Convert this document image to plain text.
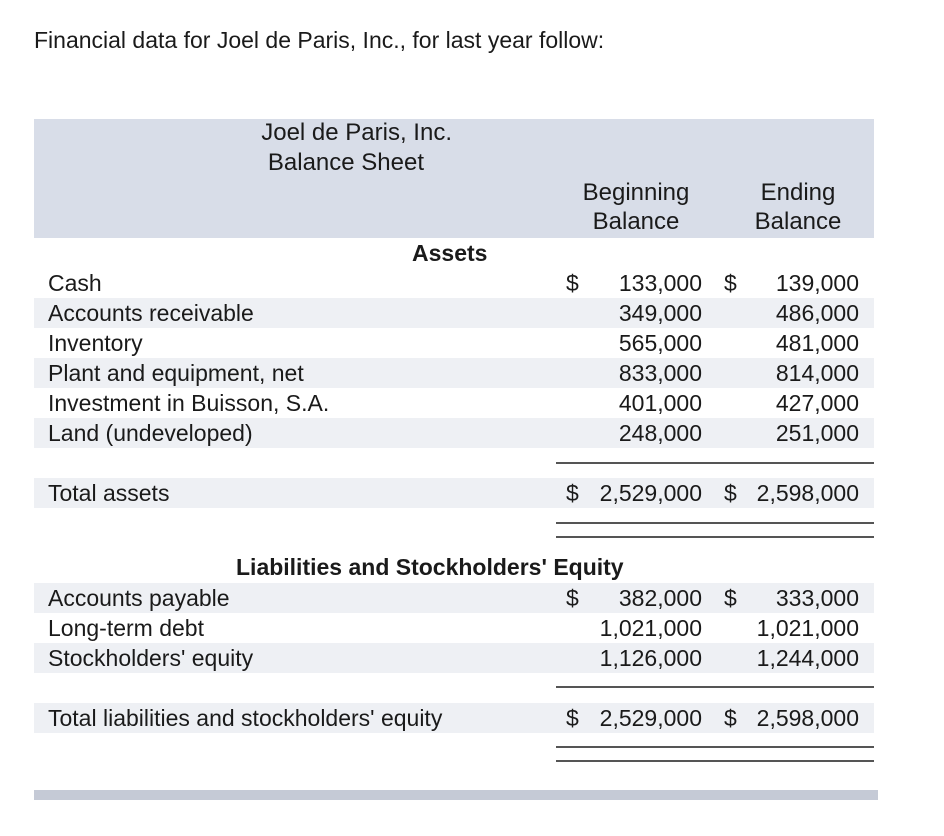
Financial data for Joel de Paris, Inc., for last year follow:
Joel de Paris, Inc.
Balance Sheet
Beginning
Balance
Ending
Balance
Assets
Cash	$ 133,000 $ 139,000
Accounts receivable	349,000	486,000
Inventory	565,000	481,000
Plant and equipment, net	833,000	814,000
Investment in Buisson, S.A.	401,000	427,000
Land (undeveloped)	248,000	251,000
Total assets	$ 2,529,000 $ 2,598,000
Liabilities and Stockholders' Equity
Accounts payable	$ 382,000 $ 333,000
Long-term debt	1,021,000 1,021,000
Stockholders' equity	1,126,000 1,244,000
Total liabilities and stockholders' equity	$ 2,529,000 $ 2,598,000
